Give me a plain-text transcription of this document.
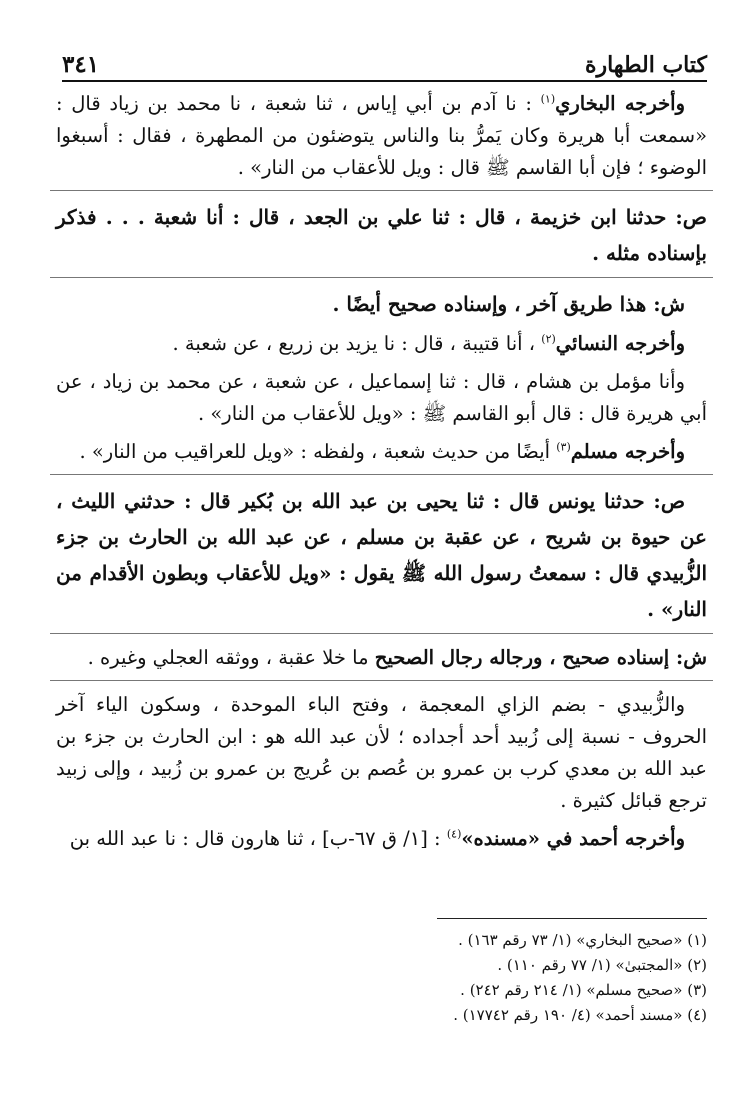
كتاب الطهارة
٣٤١

وأخرجه البخاري$^{(١)}$ : نا آدم بن أبي إياس ، ثنا شعبة ، نا محمد بن زياد قال : «سمعت أبا هريرة وكان يَمرُّ بنا والناس يتوضئون من المطهرة ، فقال : أسبغوا الوضوء ؛ فإن أبا القاسم ﷺ قال : ويل للأعقاب من النار» .

ص: حدثنا ابن خزيمة ، قال : ثنا علي بن الجعد ، قال : أنا شعبة . . . فذكر بإسناده مثله .

ش: هذا طريق آخر ، وإسناده صحيح أيضًا .

وأخرجه النسائي$^{(٢)}$ ، أنا قتيبة ، قال : نا يزيد بن زريع ، عن شعبة .

وأنا مؤمل بن هشام ، قال : ثنا إسماعيل ، عن شعبة ، عن محمد بن زياد ، عن أبي هريرة قال : قال أبو القاسم ﷺ : «ويل للأعقاب من النار» .

وأخرجه مسلم$^{(٣)}$ أيضًا من حديث شعبة ، ولفظه : «ويل للعراقيب من النار» .

ص: حدثنا يونس قال : ثنا يحيى بن عبد الله بن بُكير قال : حدثني الليث ، عن حيوة بن شريح ، عن عقبة بن مسلم ، عن عبد الله بن الحارث بن جزء الزُّبيدي قال : سمعتُ رسول الله ﷺ يقول : «ويل للأعقاب وبطون الأقدام من النار» .

ش: إسناده صحيح ، ورجاله رجال الصحيح ما خلا عقبة ، ووثقه العجلي وغيره .

والزُّبيدي - بضم الزاي المعجمة ، وفتح الباء الموحدة ، وسكون الياء آخر الحروف - نسبة إلى زُبيد أحد أجداده ؛ لأن عبد الله هو : ابن الحارث بن جزء بن عبد الله بن معدي كرب بن عمرو بن عُصم بن عُريج بن عمرو بن زُبيد ، وإلى زبيد ترجع قبائل كثيرة .

وأخرجه أحمد في «مسنده»$^{(٤)}$ : [١/ ق ٦٧-ب] ، ثنا هارون قال : نا عبد الله بن

(١) «صحيح البخاري» (١/ ٧٣ رقم ١٦٣) .
(٢) «المجتبىٰ» (١/ ٧٧ رقم ١١٠) .
(٣) «صحيح مسلم» (١/ ٢١٤ رقم ٢٤٢) .
(٤) «مسند أحمد» (٤/ ١٩٠ رقم ١٧٧٤٢) .
